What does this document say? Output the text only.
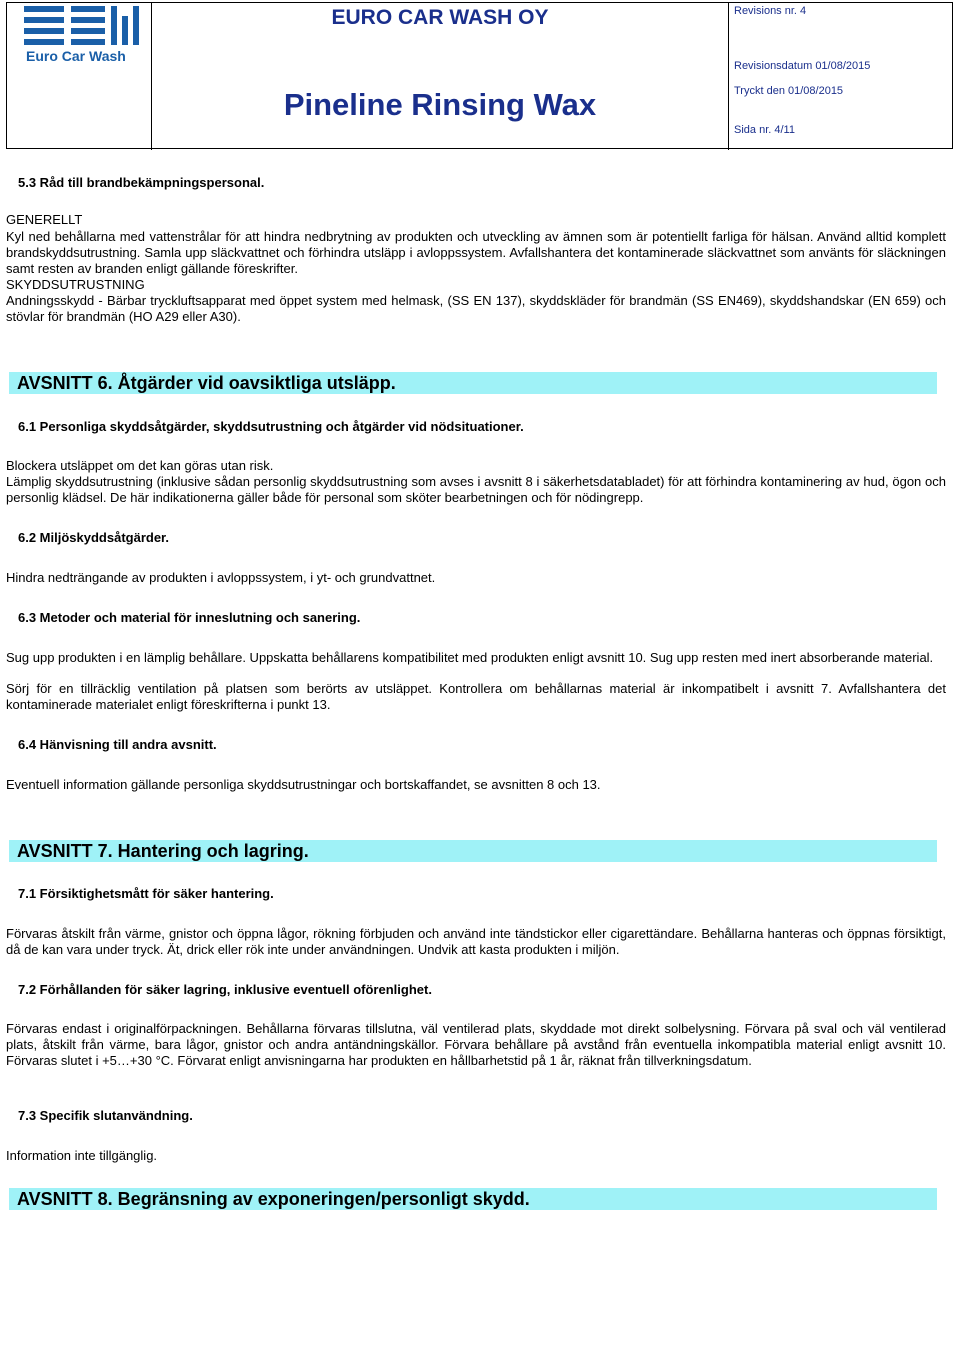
Euro Car Wash
EURO CAR WASH OY
Pineline Rinsing Wax
Revisions nr. 4
Revisionsdatum 01/08/2015
Tryckt den 01/08/2015
Sida nr. 4/11
5.3 Råd till brandbekämpningspersonal.
GENERELLT
Kyl ned behållarna med vattenstrålar för att hindra nedbrytning av produkten och utveckling av ämnen som är potentiellt farliga för hälsan. Använd alltid komplett brandskyddsutrustning. Samla upp släckvattnet och förhindra utsläpp i avloppssystem. Avfallshantera det kontaminerade släckvattnet som använts för släckningen samt resten av branden enligt gällande föreskrifter.
SKYDDSUTRUSTNING
Andningsskydd - Bärbar tryckluftsapparat med öppet system med helmask, (SS EN 137), skyddskläder för brandmän (SS EN469), skyddshandskar (EN 659) och stövlar för brandmän (HO A29 eller A30).
AVSNITT 6. Åtgärder vid oavsiktliga utsläpp.
6.1 Personliga skyddsåtgärder, skyddsutrustning och åtgärder vid nödsituationer.
Blockera utsläppet om det kan göras utan risk.
Lämplig skyddsutrustning (inklusive sådan personlig skyddsutrustning som avses i avsnitt 8 i säkerhetsdatabladet) för att förhindra kontaminering av hud, ögon och personlig klädsel. De här indikationerna gäller både för personal som sköter bearbetningen och för nödingrepp.
6.2 Miljöskyddsåtgärder.
Hindra nedträngande av produkten i avloppssystem, i yt- och grundvattnet.
6.3 Metoder och material för inneslutning och sanering.
Sug upp produkten i en lämplig behållare. Uppskatta behållarens kompatibilitet med produkten enligt avsnitt 10. Sug upp resten med inert absorberande material.
Sörj för en tillräcklig ventilation på platsen som berörts av utsläppet. Kontrollera om behållarnas material är inkompatibelt i avsnitt 7. Avfallshantera det kontaminerade materialet enligt föreskrifterna i punkt 13.
6.4 Hänvisning till andra avsnitt.
Eventuell information gällande personliga skyddsutrustningar och bortskaffandet, se avsnitten 8 och 13.
AVSNITT 7. Hantering och lagring.
7.1 Försiktighetsmått för säker hantering.
Förvaras åtskilt från värme, gnistor och öppna lågor, rökning förbjuden och använd inte tändstickor eller cigarettändare. Behållarna hanteras och öppnas försiktigt, då de kan vara under tryck. Ät, drick eller rök inte under användningen. Undvik att kasta produkten i miljön.
7.2 Förhållanden för säker lagring, inklusive eventuell oförenlighet.
Förvaras endast i originalförpackningen. Behållarna förvaras tillslutna, väl ventilerad plats, skyddade mot direkt solbelysning. Förvara på sval och väl ventilerad plats, åtskilt från värme, bara lågor, gnistor och andra antändningskällor. Förvara behållare på avstånd från eventuella inkompatibla material enligt avsnitt 10. Förvaras slutet i +5…+30 °C. Förvarat enligt anvisningarna har produkten en hållbarhetstid på 1 år, räknat från tillverkningsdatum.
7.3 Specifik slutanvändning.
Information inte tillgänglig.
AVSNITT 8. Begränsning av exponeringen/personligt skydd.
